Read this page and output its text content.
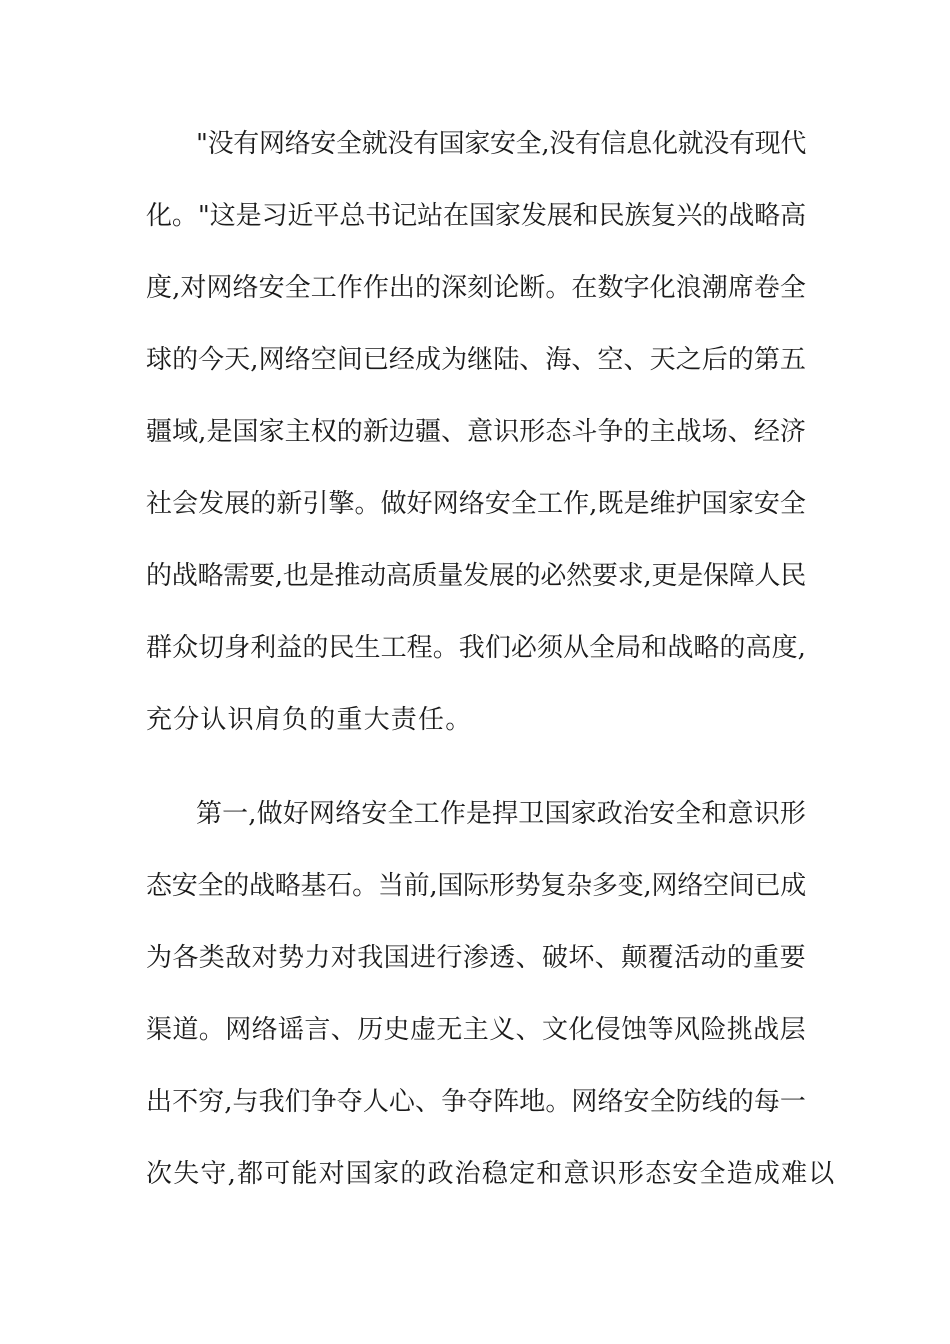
"没有网络安全就没有国家安全,没有信息化就没有现代
化。"这是习近平总书记站在国家发展和民族复兴的战略高
度,对网络安全工作作出的深刻论断。在数字化浪潮席卷全
球的今天,网络空间已经成为继陆、海、空、天之后的第五
疆域,是国家主权的新边疆、意识形态斗争的主战场、经济
社会发展的新引擎。做好网络安全工作,既是维护国家安全
的战略需要,也是推动高质量发展的必然要求,更是保障人民
群众切身利益的民生工程。我们必须从全局和战略的高度,
充分认识肩负的重大责任。
第一,做好网络安全工作是捍卫国家政治安全和意识形
态安全的战略基石。当前,国际形势复杂多变,网络空间已成
为各类敌对势力对我国进行渗透、破坏、颠覆活动的重要
渠道。网络谣言、历史虚无主义、文化侵蚀等风险挑战层
出不穷,与我们争夺人心、争夺阵地。网络安全防线的每一
次失守,都可能对国家的政治稳定和意识形态安全造成难以
